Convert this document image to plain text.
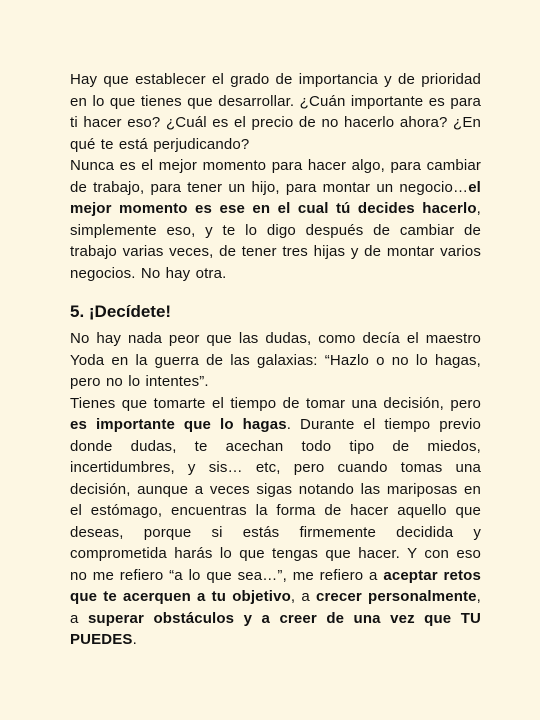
Hay que establecer el grado de importancia y de prioridad en lo que tienes que desarrollar. ¿Cuán importante es para ti hacer eso? ¿Cuál es el precio de no hacerlo ahora? ¿En qué te está perjudicando?

Nunca es el mejor momento para hacer algo, para cambiar de trabajo, para tener un hijo, para montar un negocio…el mejor momento es ese en el cual tú decides hacerlo, simplemente eso, y te lo digo después de cambiar de trabajo varias veces, de tener tres hijas y de montar varios negocios. No hay otra.

5. ¡Decídete!

No hay nada peor que las dudas, como decía el maestro Yoda en la guerra de las galaxias: “Hazlo o no lo hagas, pero no lo intentes”.

Tienes que tomarte el tiempo de tomar una decisión, pero es importante que lo hagas. Durante el tiempo previo donde dudas, te acechan todo tipo de miedos, incertidumbres, y sis… etc, pero cuando tomas una decisión, aunque a veces sigas notando las mariposas en el estómago, encuentras la forma de hacer aquello que deseas, porque si estás firmemente decidida y comprometida harás lo que tengas que hacer. Y con eso no me refiero “a lo que sea…”, me refiero a aceptar retos que te acerquen a tu objetivo, a crecer personalmente, a superar obstáculos y a creer de una vez que TU PUEDES.
